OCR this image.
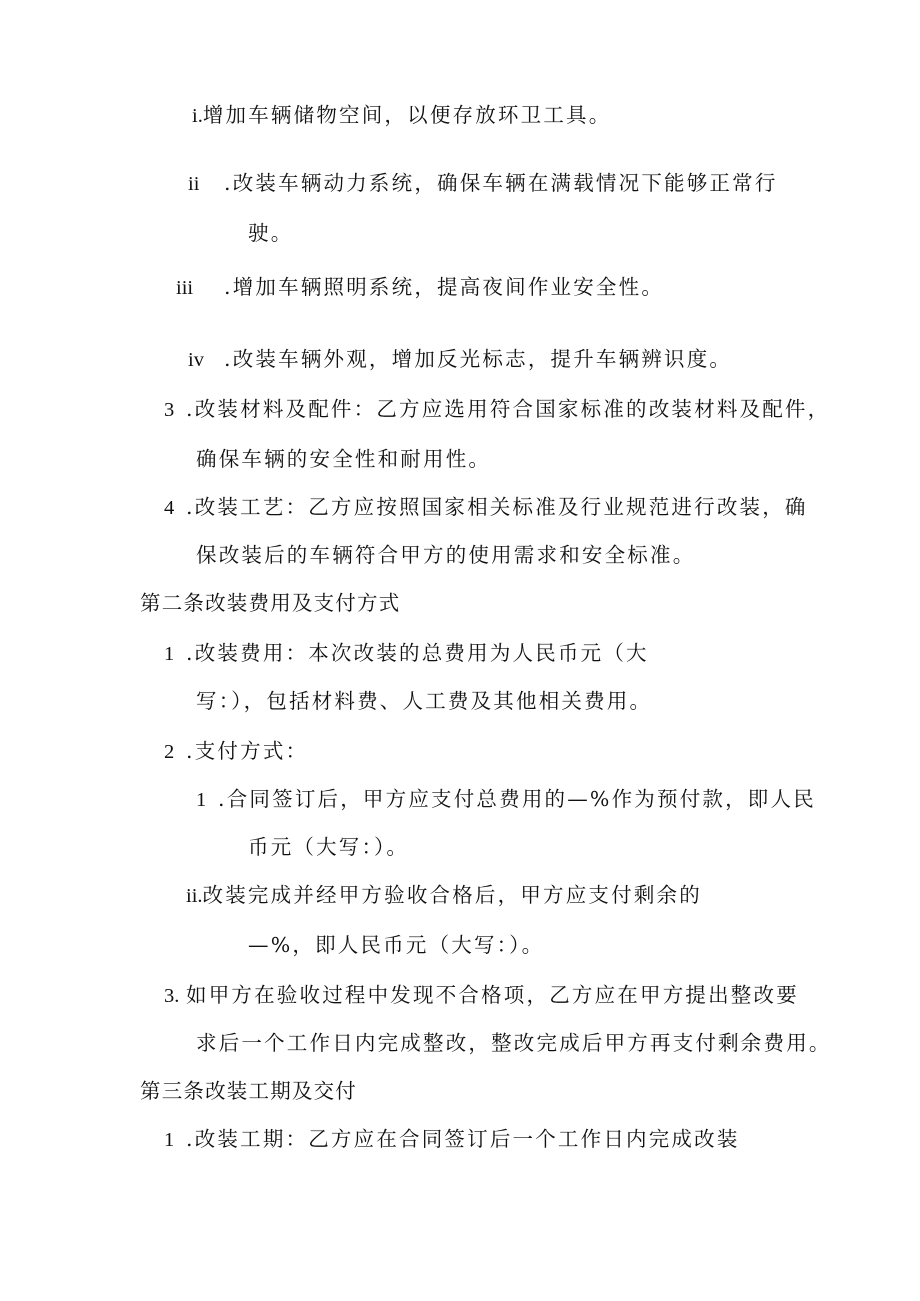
i.增加车辆储物空间，以便存放环卫工具。
ii .改装车辆动力系统，确保车辆在满载情况下能够正常行
驶。
iii .增加车辆照明系统，提高夜间作业安全性。
iv .改装车辆外观，增加反光标志，提升车辆辨识度。
3 .改装材料及配件：乙方应选用符合国家标准的改装材料及配件，
确保车辆的安全性和耐用性。
4 .改装工艺：乙方应按照国家相关标准及行业规范进行改装，确
保改装后的车辆符合甲方的使用需求和安全标准。
第二条改装费用及支付方式
1 .改装费用：本次改装的总费用为人民币元（大
写：），包括材料费、人工费及其他相关费用。
2 .支付方式：
1 .合同签订后，甲方应支付总费用的—%作为预付款，即人民
币元（大写：）。
ii.改装完成并经甲方验收合格后，甲方应支付剩余的
—%，即人民币元（大写：）。
3. 如甲方在验收过程中发现不合格项，乙方应在甲方提出整改要
求后一个工作日内完成整改，整改完成后甲方再支付剩余费用。
第三条改装工期及交付
1 .改装工期：乙方应在合同签订后一个工作日内完成改装
